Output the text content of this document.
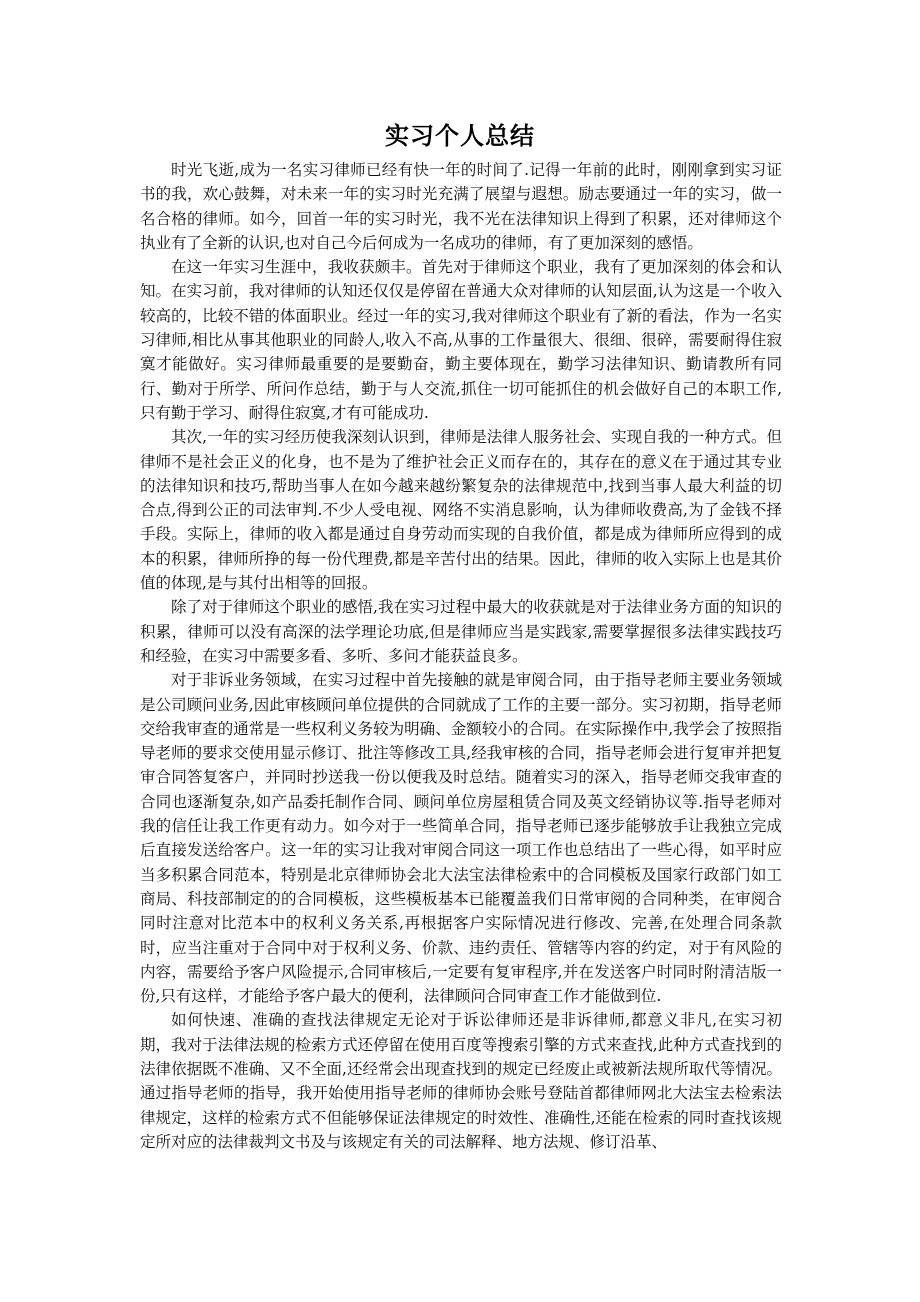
实习个人总结

时光飞逝,成为一名实习律师已经有快一年的时间了.记得一年前的此时，刚刚拿到实习证书的我，欢心鼓舞，对未来一年的实习时光充满了展望与遐想。励志要通过一年的实习，做一名合格的律师。如今，回首一年的实习时光，我不光在法律知识上得到了积累，还对律师这个执业有了全新的认识,也对自己今后何成为一名成功的律师，有了更加深刻的感悟。

在这一年实习生涯中，我收获颇丰。首先对于律师这个职业，我有了更加深刻的体会和认知。在实习前，我对律师的认知还仅仅是停留在普通大众对律师的认知层面,认为这是一个收入较高的，比较不错的体面职业。经过一年的实习,我对律师这个职业有了新的看法，作为一名实习律师,相比从事其他职业的同龄人,收入不高,从事的工作量很大、很细、很碎，需要耐得住寂寞才能做好。实习律师最重要的是要勤奋，勤主要体现在，勤学习法律知识、勤请教所有同行、勤对于所学、所问作总结，勤于与人交流,抓住一切可能抓住的机会做好自己的本职工作,只有勤于学习、耐得住寂寞,才有可能成功.

其次,一年的实习经历使我深刻认识到，律师是法律人服务社会、实现自我的一种方式。但律师不是社会正义的化身，也不是为了维护社会正义而存在的，其存在的意义在于通过其专业的法律知识和技巧,帮助当事人在如今越来越纷繁复杂的法律规范中,找到当事人最大利益的切合点,得到公正的司法审判.不少人受电视、网络不实消息影响，认为律师收费高,为了金钱不择手段。实际上，律师的收入都是通过自身劳动而实现的自我价值，都是成为律师所应得到的成本的积累，律师所挣的每一份代理费,都是辛苦付出的结果。因此，律师的收入实际上也是其价值的体现,是与其付出相等的回报。

除了对于律师这个职业的感悟,我在实习过程中最大的收获就是对于法律业务方面的知识的积累，律师可以没有高深的法学理论功底,但是律师应当是实践家,需要掌握很多法律实践技巧和经验，在实习中需要多看、多听、多问才能获益良多。

对于非诉业务领域，在实习过程中首先接触的就是审阅合同，由于指导老师主要业务领域是公司顾问业务,因此审核顾问单位提供的合同就成了工作的主要一部分。实习初期，指导老师交给我审查的通常是一些权利义务较为明确、金额较小的合同。在实际操作中,我学会了按照指导老师的要求交使用显示修订、批注等修改工具,经我审核的合同，指导老师会进行复审并把复审合同答复客户，并同时抄送我一份以便我及时总结。随着实习的深入，指导老师交我审查的合同也逐渐复杂,如产品委托制作合同、顾问单位房屋租赁合同及英文经销协议等.指导老师对我的信任让我工作更有动力。如今对于一些简单合同，指导老师已逐步能够放手让我独立完成后直接发送给客户。这一年的实习让我对审阅合同这一项工作也总结出了一些心得，如平时应当多积累合同范本，特别是北京律师协会北大法宝法律检索中的合同模板及国家行政部门如工商局、科技部制定的的合同模板，这些模板基本已能覆盖我们日常审阅的合同种类，在审阅合同时注意对比范本中的权利义务关系,再根据客户实际情况进行修改、完善,在处理合同条款时，应当注重对于合同中对于权利义务、价款、违约责任、管辖等内容的约定，对于有风险的内容，需要给予客户风险提示,合同审核后,一定要有复审程序,并在发送客户时同时附清洁版一份,只有这样，才能给予客户最大的便利，法律顾问合同审查工作才能做到位.

如何快速、准确的查找法律规定无论对于诉讼律师还是非诉律师,都意义非凡,在实习初期，我对于法律法规的检索方式还停留在使用百度等搜索引擎的方式来查找,此种方式查找到的法律依据既不准确、又不全面,还经常会出现查找到的规定已经废止或被新法规所取代等情况。通过指导老师的指导，我开始使用指导老师的律师协会账号登陆首都律师网北大法宝去检索法律规定，这样的检索方式不但能够保证法律规定的时效性、准确性,还能在检索的同时查找该规定所对应的法律裁判文书及与该规定有关的司法解释、地方法规、修订沿革、
